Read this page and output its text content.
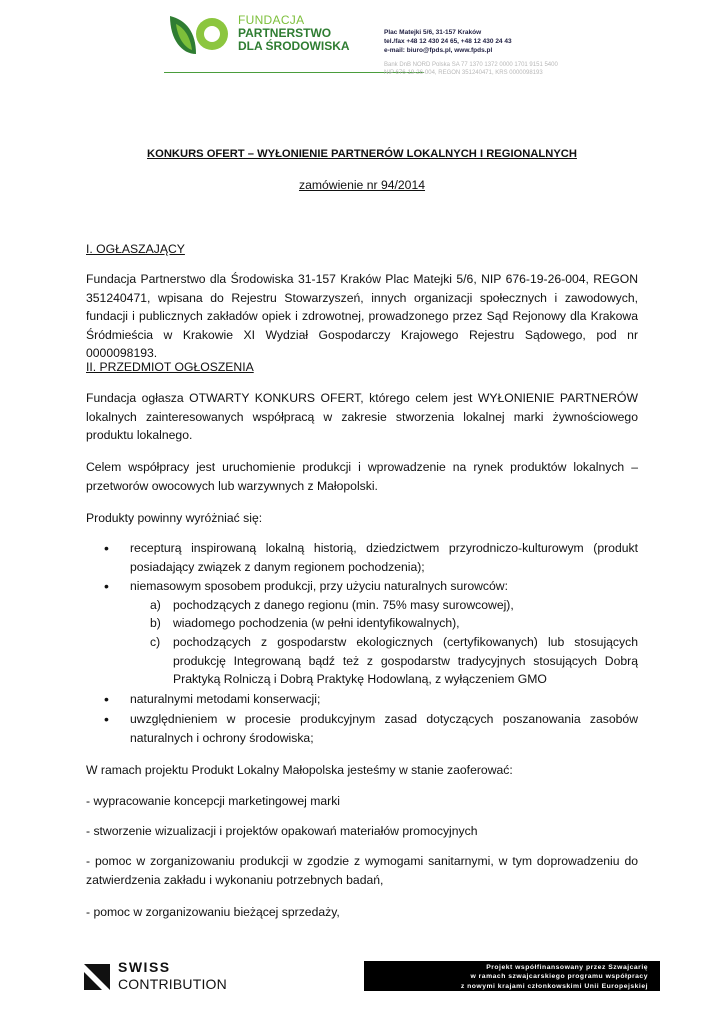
FUNDACJA
PARTNERSTWO
DLA ŚRODOWISKA
Plac Matejki 5/6, 31-157 Kraków
tel./fax +48 12 430 24 65, +48 12 430 24 43
e-mail: biuro@fpds.pl, www.fpds.pl
Bank DnB NORD Polska SA 77 1370 1372 0000 1701 9151 5400
NIP 676-19-26-004, REGON 351240471, KRS 0000098193
KONKURS OFERT – WYŁONIENIE PARTNERÓW LOKALNYCH I REGIONALNYCH
zamówienie nr 94/2014
I. OGŁASZAJĄCY

Fundacja Partnerstwo dla Środowiska 31-157 Kraków Plac Matejki 5/6, NIP 676-19-26-004, REGON 351240471, wpisana do Rejestru Stowarzyszeń, innych organizacji społecznych i zawodowych, fundacji i publicznych zakładów opiek i zdrowotnej, prowadzonego przez Sąd Rejonowy dla Krakowa Śródmieścia w Krakowie XI Wydział Gospodarczy Krajowego Rejestru Sądowego, pod nr 0000098193.

II. PRZEDMIOT OGŁOSZENIA

Fundacja ogłasza OTWARTY KONKURS OFERT, którego celem jest WYŁONIENIE PARTNERÓW lokalnych zainteresowanych współpracą w zakresie stworzenia lokalnej marki żywnościowego produktu lokalnego.

Celem współpracy jest uruchomienie produkcji i wprowadzenie na rynek produktów lokalnych – przetworów owocowych lub warzywnych z Małopolski.

Produkty powinny wyróżniać się:

• recepturą inspirowaną lokalną historią, dziedzictwem przyrodniczo-kulturowym (produkt posiadający związek z danym regionem pochodzenia);
• niemasowym sposobem produkcji, przy użyciu naturalnych surowców:
a) pochodzących z danego regionu (min. 75% masy surowcowej),
b) wiadomego pochodzenia (w pełni identyfikowalnych),
c) pochodzących z gospodarstw ekologicznych (certyfikowanych) lub stosujących produkcję Integrowaną bądź też z gospodarstw tradycyjnych stosujących Dobrą Praktyką Rolniczą i Dobrą Praktykę Hodowlaną, z wyłączeniem GMO
• naturalnymi metodami konserwacji;
• uwzględnieniem w procesie produkcyjnym zasad dotyczących poszanowania zasobów naturalnych i ochrony środowiska;

W ramach projektu Produkt Lokalny Małopolska jesteśmy w stanie zaoferować:

- wypracowanie koncepcji marketingowej marki

- stworzenie wizualizacji i projektów opakowań materiałów promocyjnych

- pomoc w zorganizowaniu produkcji w zgodzie z wymogami sanitarnymi, w tym doprowadzeniu do zatwierdzenia zakładu i wykonaniu potrzebnych badań,

- pomoc w zorganizowaniu bieżącej sprzedaży,

SWISS
CONTRIBUTION
Projekt współfinansowany przez Szwajcarię
w ramach szwajcarskiego programu współpracy
z nowymi krajami członkowskimi Unii Europejskiej
